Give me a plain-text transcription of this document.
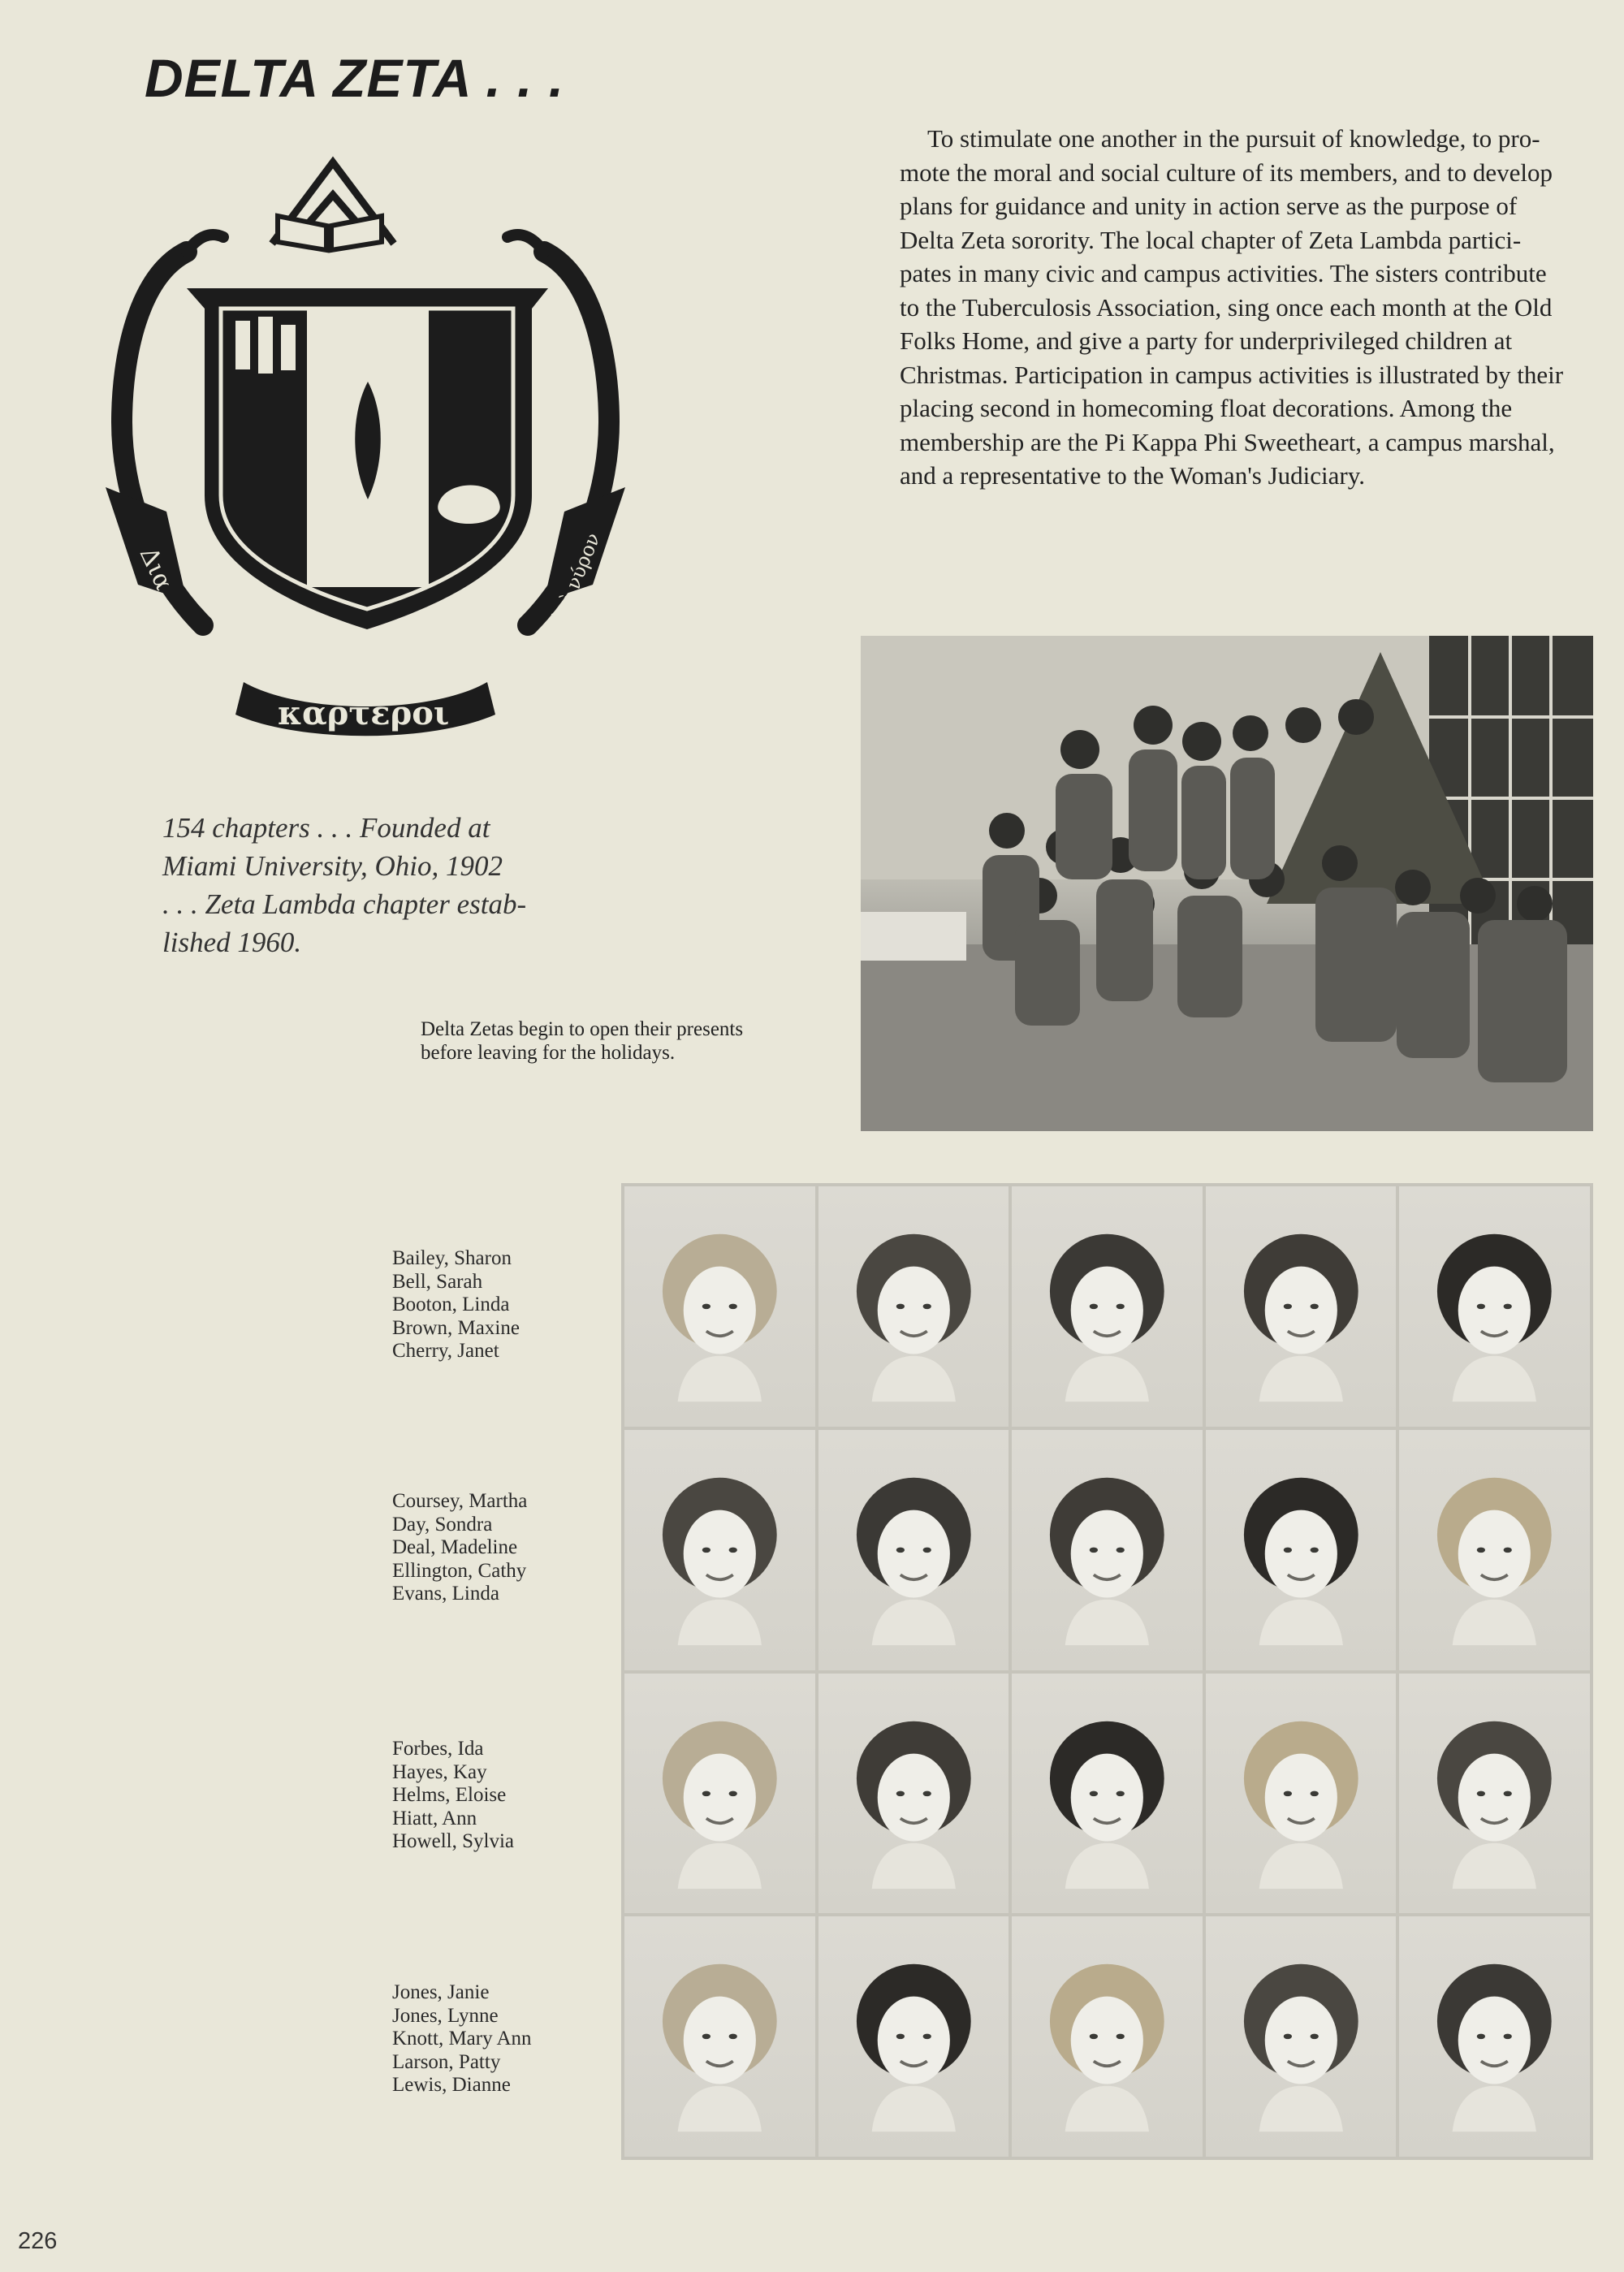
DELTA ZETA . . .
Δια
καρτεροι
ἐπὶ νύρον

To stimulate one another in the pursuit of knowledge, to pro-
mote the moral and social culture of its members, and to develop
plans for guidance and unity in action serve as the purpose of
Delta Zeta sorority. The local chapter of Zeta Lambda partici-
pates in many civic and campus activities. The sisters contribute
to the Tuberculosis Association, sing once each month at the Old
Folks Home, and give a party for underprivileged children at
Christmas. Participation in campus activities is illustrated by their
placing second in homecoming float decorations. Among the
membership are the Pi Kappa Phi Sweetheart, a campus marshal,
and a representative to the Woman's Judiciary.

154 chapters . . . Founded at
Miami University, Ohio, 1902
. . . Zeta Lambda chapter estab-
lished 1960.
Delta Zetas begin to open their presents
before leaving for the holidays.
Bailey, Sharon
Bell, Sarah
Booton, Linda
Brown, Maxine
Cherry, Janet
Coursey, Martha
Day, Sondra
Deal, Madeline
Ellington, Cathy
Evans, Linda
Forbes, Ida
Hayes, Kay
Helms, Eloise
Hiatt, Ann
Howell, Sylvia
Jones, Janie
Jones, Lynne
Knott, Mary Ann
Larson, Patty
Lewis, Dianne
226
